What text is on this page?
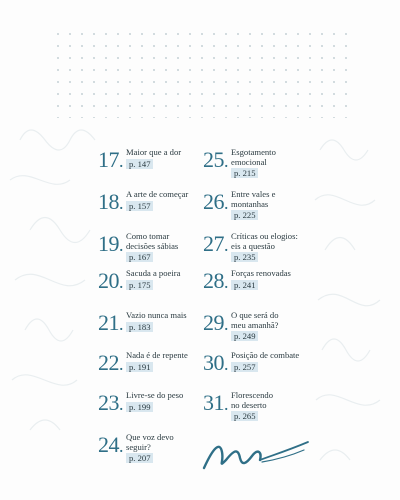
17. Maior que a dor
p. 147
18. A arte de começar
p. 157
19. Como tomar
decisões sábias
p. 167
20. Sacuda a poeira
p. 175
21. Vazio nunca mais
p. 183
22. Nada é de repente
p. 191
23. Livre-se do peso
p. 199
24. Que voz devo
seguir?
p. 207
25. Esgotamento
emocional
p. 215
26. Entre vales e
montanhas
p. 225
27. Críticas ou elogios:
eis a questão
p. 235
28. Forças renovadas
p. 241
29. O que será do
meu amanhã?
p. 249
30. Posição de combate
p. 257
31. Florescendo
no deserto
p. 265
